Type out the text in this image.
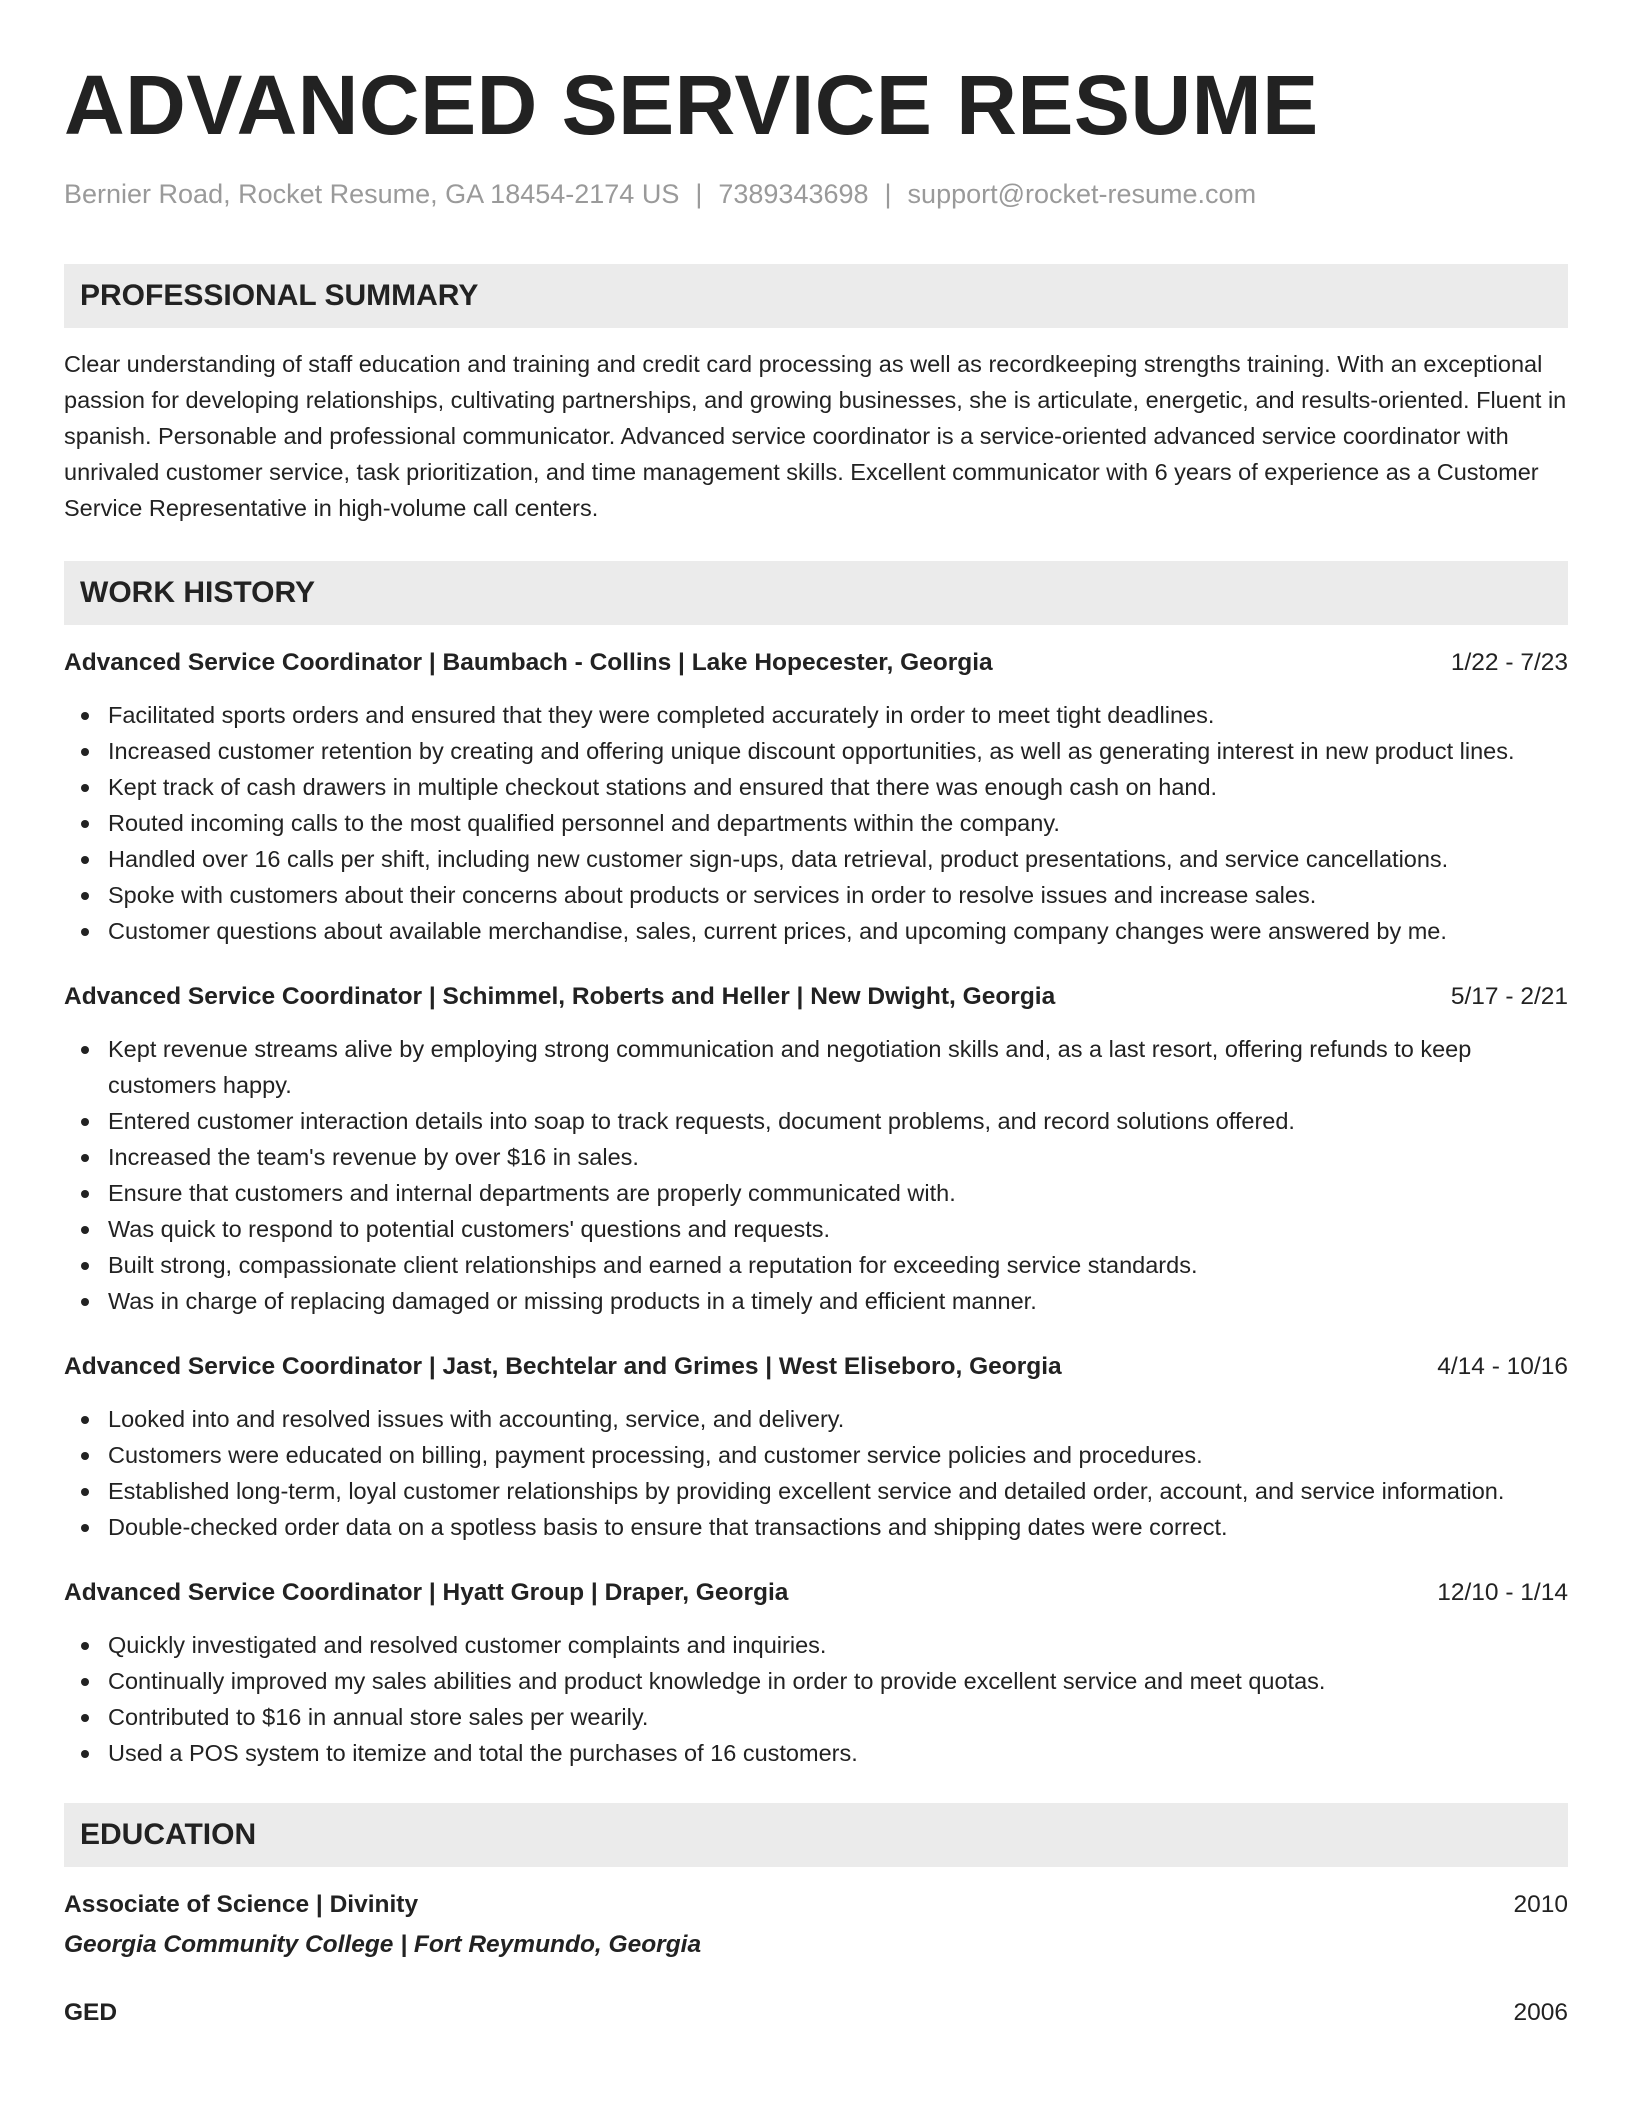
ADVANCED SERVICE RESUME
Bernier Road, Rocket Resume, GA 18454-2174 US | 7389343698 | support@rocket-resume.com
PROFESSIONAL SUMMARY
Clear understanding of staff education and training and credit card processing as well as recordkeeping strengths training. With an exceptional passion for developing relationships, cultivating partnerships, and growing businesses, she is articulate, energetic, and results-oriented. Fluent in spanish. Personable and professional communicator. Advanced service coordinator is a service-oriented advanced service coordinator with unrivaled customer service, task prioritization, and time management skills. Excellent communicator with 6 years of experience as a Customer Service Representative in high-volume call centers.
WORK HISTORY
Advanced Service Coordinator | Baumbach - Collins | Lake Hopecester, Georgia	1/22 - 7/23
Facilitated sports orders and ensured that they were completed accurately in order to meet tight deadlines.
Increased customer retention by creating and offering unique discount opportunities, as well as generating interest in new product lines.
Kept track of cash drawers in multiple checkout stations and ensured that there was enough cash on hand.
Routed incoming calls to the most qualified personnel and departments within the company.
Handled over 16 calls per shift, including new customer sign-ups, data retrieval, product presentations, and service cancellations.
Spoke with customers about their concerns about products or services in order to resolve issues and increase sales.
Customer questions about available merchandise, sales, current prices, and upcoming company changes were answered by me.
Advanced Service Coordinator | Schimmel, Roberts and Heller | New Dwight, Georgia	5/17 - 2/21
Kept revenue streams alive by employing strong communication and negotiation skills and, as a last resort, offering refunds to keep customers happy.
Entered customer interaction details into soap to track requests, document problems, and record solutions offered.
Increased the team's revenue by over $16 in sales.
Ensure that customers and internal departments are properly communicated with.
Was quick to respond to potential customers' questions and requests.
Built strong, compassionate client relationships and earned a reputation for exceeding service standards.
Was in charge of replacing damaged or missing products in a timely and efficient manner.
Advanced Service Coordinator | Jast, Bechtelar and Grimes | West Eliseboro, Georgia	4/14 - 10/16
Looked into and resolved issues with accounting, service, and delivery.
Customers were educated on billing, payment processing, and customer service policies and procedures.
Established long-term, loyal customer relationships by providing excellent service and detailed order, account, and service information.
Double-checked order data on a spotless basis to ensure that transactions and shipping dates were correct.
Advanced Service Coordinator | Hyatt Group | Draper, Georgia	12/10 - 1/14
Quickly investigated and resolved customer complaints and inquiries.
Continually improved my sales abilities and product knowledge in order to provide excellent service and meet quotas.
Contributed to $16 in annual store sales per wearily.
Used a POS system to itemize and total the purchases of 16 customers.
EDUCATION
Associate of Science | Divinity	2010
Georgia Community College | Fort Reymundo, Georgia
GED	2006
